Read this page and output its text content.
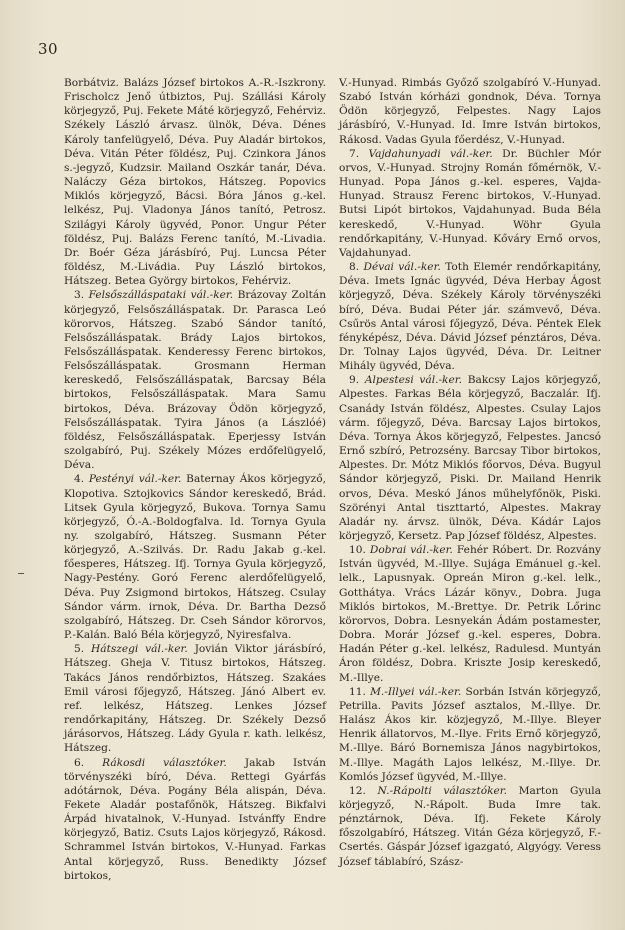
30

Borbátviz. Balázs József birtokos A.-R.-Iszkrony. Frischolcz Jenő útbiztos, Puj. Szállási Károly körjegyző, Puj. Fekete Máté körjegyző, Fehérviz. Székely László árvasz. ülnök, Déva. Dénes Károly tanfelügyelő, Déva. Puy Aladár birtokos, Déva. Vitán Péter földész, Puj. Czinkora János s.-jegyző, Kudzsir. Mailand Oszkár tanár, Déva. Naláczy Géza birtokos, Hátszeg. Popovics Miklós körjegyző, Bácsi. Bóra János g.-kel. lelkész, Puj. Vladonya János tanító, Petrosz. Szilágyi Károly ügyvéd, Ponor. Ungur Péter földész, Puj. Balázs Ferenc tanító, M.-Livadia. Dr. Boér Géza járásbíró, Puj. Luncsa Péter földész, M.-Livádia. Puy László birtokos, Hátszeg. Betea György birtokos, Fehérviz.

3. Felsőszálláspataki vál.-ker. Brázovay Zoltán körjegyző, Felsőszálláspatak. Dr. Parasca Leó körorvos, Hátszeg. Szabó Sándor tanító, Felsőszálláspatak. Brády Lajos birtokos, Felsőszálláspatak. Kenderessy Ferenc birtokos, Felsőszálláspatak. Grosmann Herman kereskedő, Felsőszálláspatak, Barcsay Béla birtokos, Felsőszálláspatak. Mara Samu birtokos, Déva. Brázovay Ödön körjegyző, Felsőszálláspatak. Tyira János (a Lászlóé) földész, Felsőszálláspatak. Eperjessy István szolgabíró, Puj. Székely Mózes erdőfelügyelő, Déva.

4. Pestényi vál.-ker. Baternay Ákos körjegyző, Klopotiva. Sztojkovics Sándor kereskedő, Brád. Litsek Gyula körjegyző, Bukova. Tornya Samu körjegyző, Ó.-A.-Boldogfalva. Id. Tornya Gyula ny. szolgabíró, Hátszeg. Susmann Péter körjegyző, A.-Szilvás. Dr. Radu Jakab g.-kel. főesperes, Hátszeg. Ifj. Tornya Gyula körjegyző, Nagy-Pestény. Goró Ferenc alerdőfelügyelő, Déva. Puy Zsigmond birtokos, Hátszeg. Csulay Sándor várm. irnok, Déva. Dr. Bartha Dezső szolgabíró, Hátszeg. Dr. Cseh Sándor körorvos, P.-Kalán. Baló Béla körjegyző, Nyiresfalva.

5. Hátszegi vál.-ker. Jovián Viktor járásbíró, Hátszeg. Gheja V. Titusz birtokos, Hátszeg. Takács János rendőrbiztos, Hátszeg. Szakáes Emil városi főjegyző, Hátszeg. Jánó Albert ev. ref. lelkész, Hátszeg. Lenkes József rendőrkapitány, Hátszeg. Dr. Székely Dezső járásorvos, Hátszeg. Lády Gyula r. kath. lelkész, Hátszeg.

6. Rákosdi választóker. Jakab István törvényszéki bíró, Déva. Rettegi Gyárfás adótárnok, Déva. Pogány Béla alispán, Déva. Fekete Aladár postafőnök, Hátszeg. Bikfalvi Árpád hivatalnok, V.-Hunyad. Istvánffy Endre körjegyző, Batiz. Csuts Lajos körjegyző, Rákosd. Schrammel István birtokos, V.-Hunyad. Farkas Antal körjegyző, Russ. Benedikty József birtokos,

V.-Hunyad. Rimbás Győző szolgabíró V.-Hunyad. Szabó István kórházi gondnok, Déva. Tornya Ödön körjegyző, Felpestes. Nagy Lajos járásbíró, V.-Hunyad. Id. Imre István birtokos, Rákosd. Vadas Gyula főerdész, V.-Hunyad.

7. Vajdahunyadi vál.-ker. Dr. Büchler Mór orvos, V.-Hunyad. Strojny Román főmérnök, V.-Hunyad. Popa János g.-kel. esperes, Vajda-Hunyad. Strausz Ferenc birtokos, V.-Hunyad. Butsi Lipót birtokos, Vajdahunyad. Buda Béla kereskedő, V.-Hunyad. Wöhr Gyula rendőrkapitány, V.-Hunyad. Kőváry Ernő orvos, Vajdahunyad.

8. Dévai vál.-ker. Toth Elemér rendőrkapitány, Déva. Imets Ignác ügyvéd, Déva Herbay Ágost körjegyző, Déva. Székely Károly törvényszéki bíró, Déva. Budai Péter jár. számvevő, Déva. Csűrös Antal városi főjegyző, Déva. Péntek Elek fényképész, Déva. Dávid József pénztáros, Déva. Dr. Tolnay Lajos ügyvéd, Déva. Dr. Leitner Mihály ügyvéd, Déva.

9. Alpestesi vál.-ker. Bakcsy Lajos körjegyző, Alpestes. Farkas Béla körjegyző, Baczalár. Ifj. Csanády István földész, Alpestes. Csulay Lajos várm. főjegyző, Déva. Barcsay Lajos birtokos, Déva. Tornya Ákos körjegyző, Felpestes. Jancsó Ernő szbíró, Petrozsény. Barcsay Tibor birtokos, Alpestes. Dr. Mótz Miklós főorvos, Déva. Bugyul Sándor körjegyző, Piski. Dr. Mailand Henrik orvos, Déva. Meskó János műhelyfőnök, Piski. Szörényi Antal tiszttartó, Alpestes. Makray Aladár ny. árvsz. ülnök, Déva. Kádár Lajos körjegyző, Kersetz. Pap József földész, Alpestes.

10. Dobrai vál.-ker. Fehér Róbert. Dr. Rozvány István ügyvéd, M.-Illye. Sujága Emánuel g.-kel. lelk., Lapusnyak. Opreán Miron g.-kel. lelk., Gotthátya. Vrács Lázár könyv., Dobra. Juga Miklós birtokos, M.-Brettye. Dr. Petrik Lőrinc körorvos, Dobra. Lesnyekán Ádám postamester, Dobra. Morár József g.-kel. esperes, Dobra. Hadán Péter g.-kel. lelkész, Radulesd. Muntyán Áron földész, Dobra. Kriszte Josip kereskedő, M.-Illye.

11. M.-Illyei vál.-ker. Sorbán István körjegyző, Petrilla. Pavits József asztalos, M.-Illye. Dr. Halász Ákos kir. közjegyző, M.-Illye. Bleyer Henrik állatorvos, M.-Ilye. Frits Ernő körjegyző, M.-Illye. Báró Bornemisza János nagybirtokos, M.-Illye. Magáth Lajos lelkész, M.-Illye. Dr. Komlós József ügyvéd, M.-Illye.

12. N.-Rápolti választóker. Marton Gyula körjegyző, N.-Rápolt. Buda Imre tak. pénztárnok, Déva. Ifj. Fekete Károly főszolgabíró, Hátszeg. Vitán Géza körjegyző, F.-Csertés. Gáspár József igazgató, Algyógy. Veress József táblabíró, Szász-
